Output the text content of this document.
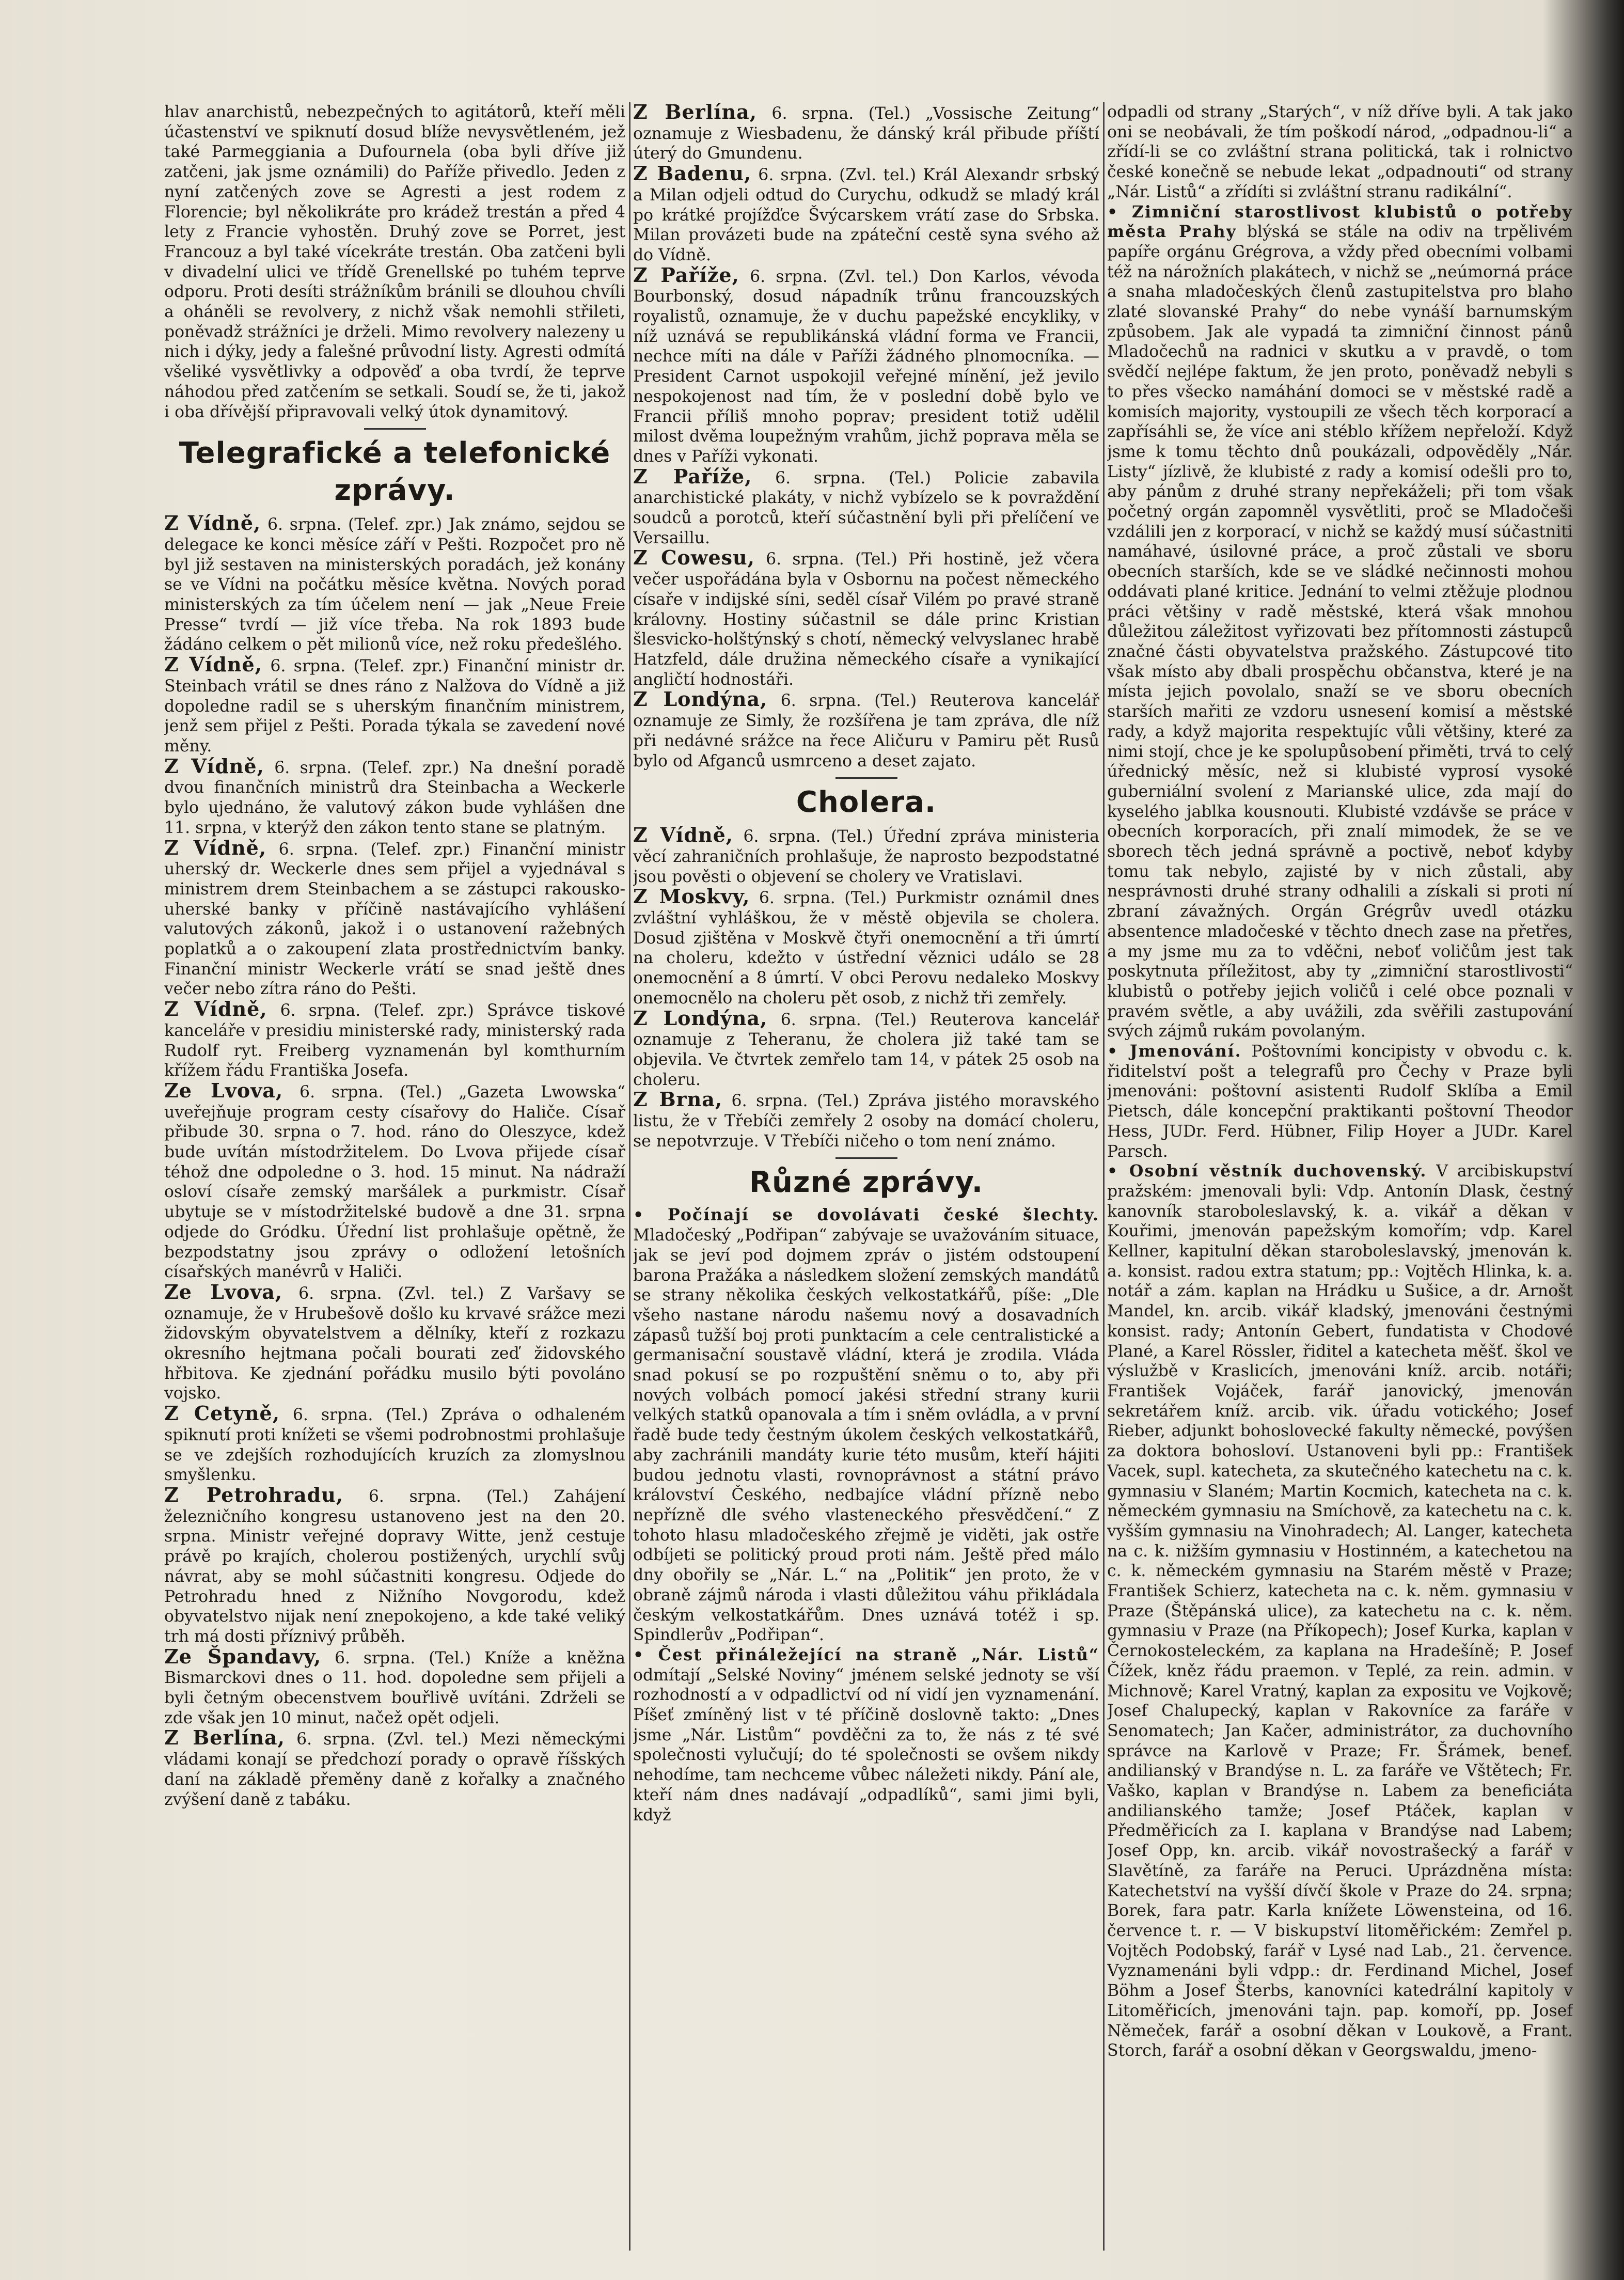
hlav anarchistů, nebezpečných to agitátorů, kteří měli účastenství ve spiknutí dosud blíže nevysvětleném, jež také Parmeggiania a Dufournela (oba byli dříve již zatčeni, jak jsme oznámili) do Paříže přivedlo. Jeden z nyní zatčených zove se Agresti a jest rodem z Florencie; byl několikráte pro krádež trestán a před 4 lety z Francie vyhostěn. Druhý zove se Porret, jest Francouz a byl také vícekráte trestán. Oba zatčeni byli v divadelní ulici ve třídě Grenellské po tuhém teprve odporu. Proti desíti strážníkům bránili se dlouhou chvíli a oháněli se revolvery, z nichž však nemohli střileti, poněvadž strážníci je drželi. Mimo revolvery nalezeny u nich i dýky, jedy a falešné průvodní listy. Agresti odmítá všeliké vysvětlivky a odpověď a oba tvrdí, že teprve náhodou před zatčením se setkali. Soudí se, že ti, jakož i oba dřívější připravovali velký útok dynamitový.

Telegrafické a telefonické zprávy.

Z Vídně, 6. srpna. (Telef. zpr.) Jak známo, sejdou se delegace ke konci měsíce září v Pešti. Rozpočet pro ně byl již sestaven na ministerských poradách, jež konány se ve Vídni na počátku měsíce května. Nových porad ministerských za tím účelem není — jak „Neue Freie Presse“ tvrdí — již více třeba. Na rok 1893 bude žádáno celkem o pět milionů více, než roku předešlého.

Z Vídně, 6. srpna. (Telef. zpr.) Finanční ministr dr. Steinbach vrátil se dnes ráno z Nalžova do Vídně a již dopoledne radil se s uherským finančním ministrem, jenž sem přijel z Pešti. Porada týkala se zavedení nové měny.

Z Vídně, 6. srpna. (Telef. zpr.) Na dnešní poradě dvou finančních ministrů dra Steinbacha a Weckerle bylo ujednáno, že valutový zákon bude vyhlášen dne 11. srpna, v kterýž den zákon tento stane se platným.

Z Vídně, 6. srpna. (Telef. zpr.) Finanční ministr uherský dr. Weckerle dnes sem přijel a vyjednával s ministrem drem Steinbachem a se zástupci rakousko-uherské banky v příčině nastávajícího vyhlášení valutových zákonů, jakož i o ustanovení ražebných poplatků a o zakoupení zlata prostřednictvím banky. Finanční ministr Weckerle vrátí se snad ještě dnes večer nebo zítra ráno do Pešti.

Z Vídně, 6. srpna. (Telef. zpr.) Správce tiskové kanceláře v presidiu ministerské rady, ministerský rada Rudolf ryt. Freiberg vyznamenán byl komthurním křížem řádu Františka Josefa.

Ze Lvova, 6. srpna. (Tel.) „Gazeta Lwowska“ uveřejňuje program cesty císařovy do Haliče. Císař přibude 30. srpna o 7. hod. ráno do Oleszyce, kdež bude uvítán místodržitelem. Do Lvova přijede císař téhož dne odpoledne o 3. hod. 15 minut. Na nádraží osloví císaře zemský maršálek a purkmistr. Císař ubytuje se v místodržitelské budově a dne 31. srpna odjede do Gródku. Úřední list prohlašuje opětně, že bezpodstatny jsou zprávy o odložení letošních císařských manévrů v Haliči.

Ze Lvova, 6. srpna. (Zvl. tel.) Z Varšavy se oznamuje, že v Hrubešově došlo ku krvavé srážce mezi židovským obyvatelstvem a dělníky, kteří z rozkazu okresního hejtmana počali bourati zeď židovského hřbitova. Ke zjednání pořádku musilo býti povoláno vojsko.

Z Cetyně, 6. srpna. (Tel.) Zpráva o odhaleném spiknutí proti knížeti se všemi podrobnostmi prohlašuje se ve zdejších rozhodujících kruzích za zlomyslnou smyšlenku.

Z Petrohradu, 6. srpna. (Tel.) Zahájení železničního kongresu ustanoveno jest na den 20. srpna. Ministr veřejné dopravy Witte, jenž cestuje právě po krajích, cholerou postižených, urychlí svůj návrat, aby se mohl súčastniti kongresu. Odjede do Petrohradu hned z Nižního Novgorodu, kdež obyvatelstvo nijak není znepokojeno, a kde také veliký trh má dosti příznivý průběh.

Ze Špandavy, 6. srpna. (Tel.) Kníže a kněžna Bismarckovi dnes o 11. hod. dopoledne sem přijeli a byli četným obecenstvem bouřlivě uvítáni. Zdrželi se zde však jen 10 minut, načež opět odjeli.

Z Berlína, 6. srpna. (Zvl. tel.) Mezi německými vládami konají se předchozí porady o opravě říšských daní na základě přeměny daně z kořalky a značného zvýšení daně z tabáku.

Z Berlína, 6. srpna. (Tel.) „Vossische Zeitung“ oznamuje z Wiesbadenu, že dánský král přibude příští úterý do Gmundenu.

Z Badenu, 6. srpna. (Zvl. tel.) Král Alexandr srbský a Milan odjeli odtud do Curychu, odkudž se mladý král po krátké projížďce Švýcarskem vrátí zase do Srbska. Milan provázeti bude na zpáteční cestě syna svého až do Vídně.

Z Paříže, 6. srpna. (Zvl. tel.) Don Karlos, vévoda Bourbonský, dosud nápadník trůnu francouzských royalistů, oznamuje, že v duchu papežské encykliky, v níž uznává se republikánská vládní forma ve Francii, nechce míti na dále v Paříži žádného plnomocníka. — President Carnot uspokojil veřejné mínění, jež jevilo nespokojenost nad tím, že v poslední době bylo ve Francii příliš mnoho poprav; president totiž udělil milost dvěma loupežným vrahům, jichž poprava měla se dnes v Paříži vykonati.

Z Paříže, 6. srpna. (Tel.) Policie zabavila anarchistické plakáty, v nichž vybízelo se k povraždění soudců a porotců, kteří súčastnění byli při přelíčení ve Versaillu.

Z Cowesu, 6. srpna. (Tel.) Při hostině, jež včera večer uspořádána byla v Osbornu na počest německého císaře v indijské síni, seděl císař Vilém po pravé straně královny. Hostiny súčastnil se dále princ Kristian šlesvicko-holštýnský s chotí, německý velvyslanec hrabě Hatzfeld, dále družina německého císaře a vynikající angličtí hodnostáři.

Z Londýna, 6. srpna. (Tel.) Reuterova kancelář oznamuje ze Simly, že rozšířena je tam zpráva, dle níž při nedávné srážce na řece Aličuru v Pamiru pět Rusů bylo od Afganců usmrceno a deset zajato.

Cholera.

Z Vídně, 6. srpna. (Tel.) Úřední zpráva ministeria věcí zahraničních prohlašuje, že naprosto bezpodstatné jsou pověsti o objevení se cholery ve Vratislavi.

Z Moskvy, 6. srpna. (Tel.) Purkmistr oznámil dnes zvláštní vyhláškou, že v městě objevila se cholera. Dosud zjištěna v Moskvě čtyři onemocnění a tři úmrtí na choleru, kdežto v ústřední věznici událo se 28 onemocnění a 8 úmrtí. V obci Perovu nedaleko Moskvy onemocnělo na choleru pět osob, z nichž tři zemřely.

Z Londýna, 6. srpna. (Tel.) Reuterova kancelář oznamuje z Teheranu, že cholera již také tam se objevila. Ve čtvrtek zemřelo tam 14, v pátek 25 osob na choleru.

Z Brna, 6. srpna. (Tel.) Zpráva jistého moravského listu, že v Třebíči zemřely 2 osoby na domácí choleru, se nepotvrzuje. V Třebíči ničeho o tom není známo.

Různé zprávy.

• Počínají se dovolávati české šlechty. Mladočeský „Podřipan“ zabývaje se uvažováním situace, jak se jeví pod dojmem zpráv o jistém odstoupení barona Pražáka a následkem složení zemských mandátů se strany několika českých velkostatkářů, píše: „Dle všeho nastane národu našemu nový a dosavadních zápasů tužší boj proti punktacím a cele centralistické a germanisační soustavě vládní, která je zrodila. Vláda snad pokusí se po rozpuštění sněmu o to, aby při nových volbách pomocí jakési střední strany kurii velkých statků opanovala a tím i sněm ovládla, a v první řadě bude tedy čestným úkolem českých velkostatkářů, aby zachránili mandáty kurie této musům, kteří hájiti budou jednotu vlasti, rovnoprávnost a státní právo království Českého, nedbajíce vládní přízně nebo nepřízně dle svého vlasteneckého přesvědčení.“ Z tohoto hlasu mladočeského zřejmě je viděti, jak ostře odbíjeti se politický proud proti nám. Ještě před málo dny obořily se „Nár. L.“ na „Politik“ jen proto, že v obraně zájmů národa i vlasti důležitou váhu přikládala českým velkostatkářům. Dnes uznává totéž i sp. Spindlerův „Podřipan“.

• Čest přináležející na straně „Nár. Listů“ odmítají „Selské Noviny“ jménem selské jednoty se vší rozhodností a v odpadlictví od ní vidí jen vyznamenání. Píšeť zmíněný list v té příčině doslovně takto: „Dnes jsme „Nár. Listům“ povděčni za to, že nás z té své společnosti vylučují; do té společnosti se ovšem nikdy nehodíme, tam nechceme vůbec náležeti nikdy. Pání ale, kteří nám dnes nadávají „odpadlíků“, sami jimi byli, když

odpadli od strany „Starých“, v níž dříve byli. A tak jako oni se neobávali, že tím poškodí národ, „odpadnou-li“ a zřídí-li se co zvláštní strana politická, tak i rolnictvo české konečně se nebude lekat „odpadnouti“ od strany „Nár. Listů“ a zřídíti si zvláštní stranu radikální“.

• Zimniční starostlivost klubistů o potřeby města Prahy blýská se stále na odiv na trpělivém papíře orgánu Grégrova, a vždy před obecními volbami též na nárožních plakátech, v nichž se „neúmorná práce a snaha mladočeských členů zastupitelstva pro blaho zlaté slovanské Prahy“ do nebe vynáší barnumským způsobem. Jak ale vypadá ta zimniční činnost pánů Mladočechů na radnici v skutku a v pravdě, o tom svědčí nejlépe faktum, že jen proto, poněvadž nebyli s to přes všecko namáhání domoci se v městské radě a komisích majority, vystoupili ze všech těch korporací a zapřísáhli se, že více ani stéblo křížem nepřeloží. Když jsme k tomu těchto dnů poukázali, odpověděly „Nár. Listy“ jízlivě, že klubisté z rady a komisí odešli pro to, aby pánům z druhé strany nepřekáželi; při tom však početný orgán zapomněl vysvětliti, proč se Mladočeši vzdálili jen z korporací, v nichž se každý musí súčastniti namáhavé, úsilovné práce, a proč zůstali ve sboru obecních starších, kde se ve sládké nečinnosti mohou oddávati plané kritice. Jednání to velmi ztěžuje plodnou práci většiny v radě městské, která však mnohou důležitou záležitost vyřizovati bez přítomnosti zástupců značné části obyvatelstva pražského. Zástupcové tito však místo aby dbali prospěchu občanstva, které je na místa jejich povolalo, snaží se ve sboru obecních starších mařiti ze vzdoru usnesení komisí a městské rady, a když majorita respektujíc vůli většiny, které za nimi stojí, chce je ke spolupůsobení přiměti, trvá to celý úřednický měsíc, než si klubisté vyprosí vysoké guberniální svolení z Marianské ulice, zda mají do kyselého jablka kousnouti. Klubisté vzdávše se práce v obecních korporacích, při znalí mimodek, že se ve sborech těch jedná správně a poctivě, neboť kdyby tomu tak nebylo, zajisté by v nich zůstali, aby nesprávnosti druhé strany odhalili a získali si proti ní zbraní závažných. Orgán Grégrův uvedl otázku absentence mladočeské v těchto dnech zase na přetřes, a my jsme mu za to vděčni, neboť voličům jest tak poskytnuta příležitost, aby ty „zimniční starostlivosti“ klubistů o potřeby jejich voličů i celé obce poznali v pravém světle, a aby uvážili, zda svěřili zastupování svých zájmů rukám povolaným.

• Jmenování. Poštovními koncipisty v obvodu c. k. řiditelství pošt a telegrafů pro Čechy v Praze byli jmenováni: poštovní asistenti Rudolf Sklíba a Emil Pietsch, dále koncepční praktikanti poštovní Theodor Hess, JUDr. Ferd. Hübner, Filip Hoyer a JUDr. Karel Parsch.

• Osobní věstník duchovenský. V arcibiskupství pražském: jmenovali byli: Vdp. Antonín Dlask, čestný kanovník staroboleslavský, k. a. vikář a děkan v Kouřimi, jmenován papežským komořím; vdp. Karel Kellner, kapitulní děkan staroboleslavský, jmenován k. a. konsist. radou extra statum; pp.: Vojtěch Hlinka, k. a. notář a zám. kaplan na Hrádku u Sušice, a dr. Arnošt Mandel, kn. arcib. vikář kladský, jmenováni čestnými konsist. rady; Antonín Gebert, fundatista v Chodové Plané, a Karel Rössler, řiditel a katecheta měšť. škol ve výslužbě v Kraslicích, jmenováni kníž. arcib. notáři; František Vojáček, farář janovický, jmenován sekretářem kníž. arcib. vik. úřadu votického; Josef Rieber, adjunkt bohoslovecké fakulty německé, povýšen za doktora bohosloví. Ustanoveni byli pp.: František Vacek, supl. katecheta, za skutečného katechetu na c. k. gymnasiu v Slaném; Martin Kocmich, katecheta na c. k. německém gymnasiu na Smíchově, za katechetu na c. k. vyšším gymnasiu na Vinohradech; Al. Langer, katecheta na c. k. nižším gymnasiu v Hostinném, a katechetou na c. k. německém gymnasiu na Starém městě v Praze; František Schierz, katecheta na c. k. něm. gymnasiu v Praze (Štěpánská ulice), za katechetu na c. k. něm. gymnasiu v Praze (na Příkopech); Josef Kurka, kaplan v Černokosteleckém, za kaplana na Hradešíně; P. Josef Čížek, kněz řádu praemon. v Teplé, za rein. admin. v Michnově; Karel Vratný, kaplan za expositu ve Vojkově; Josef Chalupecký, kaplan v Rakovníce za faráře v Senomatech; Jan Kačer, administrátor, za duchovního správce na Karlově v Praze; Fr. Šrámek, benef. andilianský v Brandýse n. L. za faráře ve Vštětech; Fr. Vaško, kaplan v Brandýse n. Labem za beneficiáta andilianského tamže; Josef Ptáček, kaplan v Předměřicích za I. kaplana v Brandýse nad Labem; Josef Opp, kn. arcib. vikář novostrašecký a farář v Slavětíně, za faráře na Peruci. Uprázdněna místa: Katechetství na vyšší dívčí škole v Praze do 24. srpna; Borek, fara patr. Karla knížete Löwensteina, od 16. července t. r. — V biskupství litoměřickém: Zemřel p. Vojtěch Podobský, farář v Lysé nad Lab., 21. července. Vyznamenáni byli vdpp.: dr. Ferdinand Michel, Josef Böhm a Josef Šterbs, kanovníci katedrální kapitoly v Litoměřicích, jmenováni tajn. pap. komoří, pp. Josef Němeček, farář a osobní děkan v Loukově, a Frant. Storch, farář a osobní děkan v Georgswaldu, jmeno-
